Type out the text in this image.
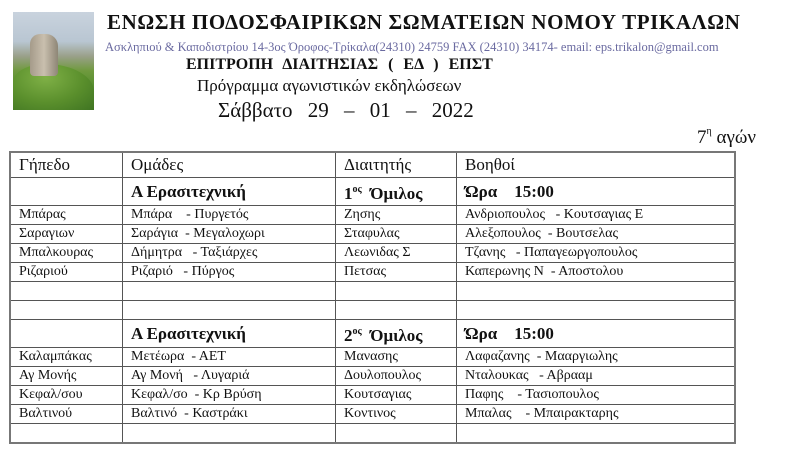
ΕΝΩΣΗ ΠΟΔΟΣΦΑΙΡΙΚΩΝ ΣΩΜΑΤΕΙΩΝ ΝΟΜΟΥ ΤΡΙΚΑΛΩΝ
Ασκληπιού & Καποδιστρίου 14-3ος Όροφος-Τρίκαλα(24310) 24759 FAX (24310) 34174- email: eps.trikalon@gmail.com
ΕΠΙΤΡΟΠΗ ΔΙΑΙΤΗΣΙΑΣ ( ΕΔ ) ΕΠΣΤ
Πρόγραμμα αγωνιστικών εκδηλώσεων
Σάββατο 29 – 01 – 2022
$7^\eta$ αγών
Γήπεδο	Ομάδες	Διαιτητής	Βοηθοί
	Α Ερασιτεχνική	$1^{o\varsigma}$ Όμιλος	Ώρα    15:00
Μπάρας	Μπάρα    - Πυργετός	Ζησης	Ανδριοπουλος   - Κουτσαγιας Ε
Σαραγιων	Σαράγια  - Μεγαλοχωρι	Σταφυλας	Αλεξοπουλος  - Βουτσελας
Μπαλκουρας	Δήμητρα   - Ταξιάρχες	Λεωνιδας Σ	Τζανης   - Παπαγεωργοπουλος
Ριζαριού	Ριζαριό   - Πύργος	Πετσας	Καπερωνης Ν  - Αποστολου

	Α Ερασιτεχνική	$2^{o\varsigma}$ Όμιλος	Ώρα    15:00
Καλαμπάκας	Μετέωρα  - ΑΕΤ	Μανασης	Λαφαζανης  - Μααργιωλης
Αγ Μονής	Αγ Μονή   - Λυγαριά	Δουλοπουλος	Νταλουκας   - Αβρααμ
Κεφαλ/σου	Κεφαλ/σο  - Κρ Βρύση	Κουτσαγιας	Παφης    - Τασιοπουλος
Βαλτινού	Βαλτινό  - Καστράκι	Κοντινος	Μπαλας    - Μπαιρακταρης
